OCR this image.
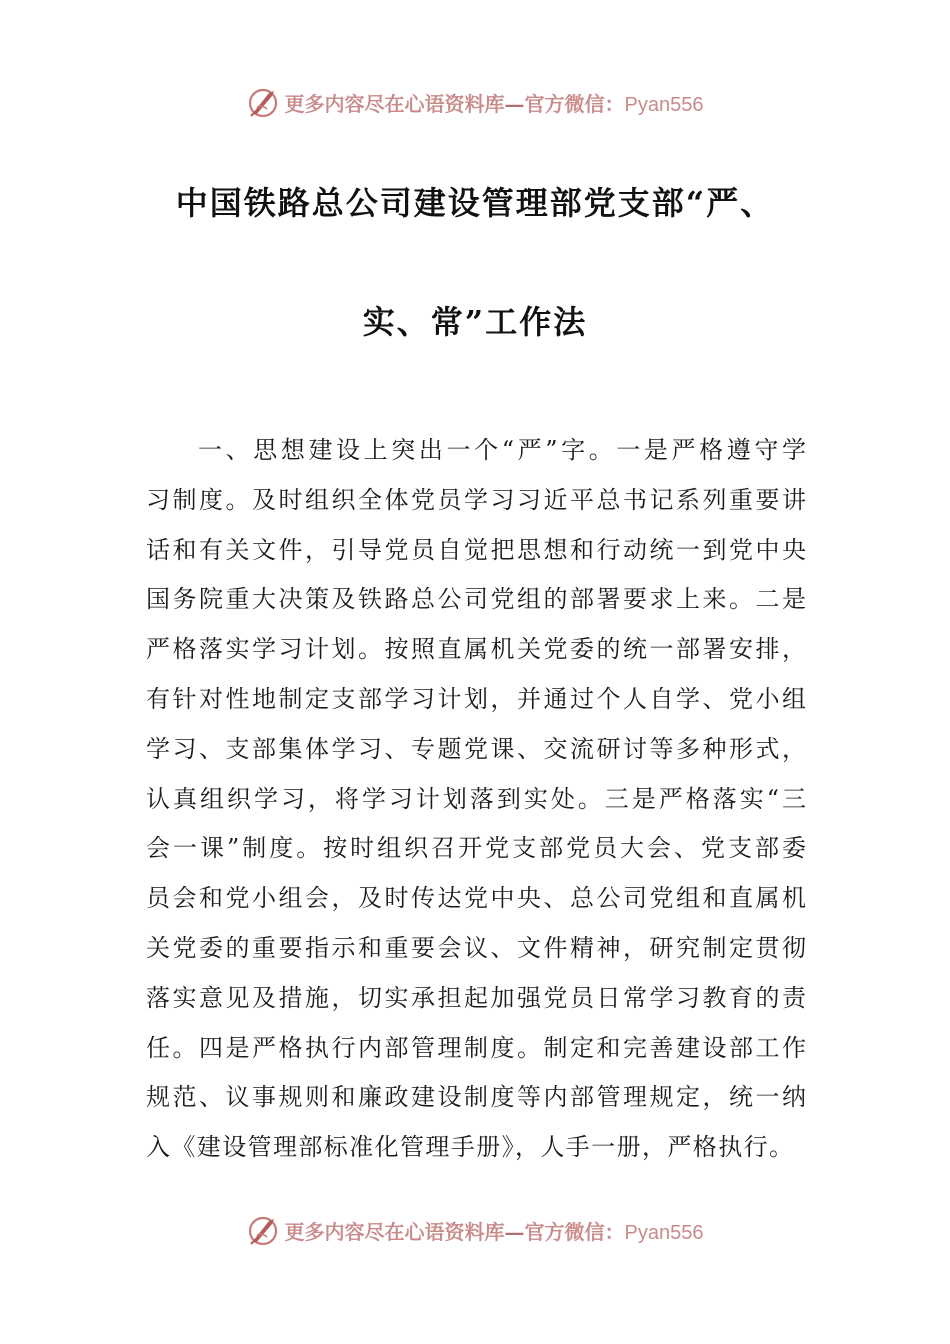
更多内容尽在心语资料库—官方微信：Pyan556
中国铁路总公司建设管理部党支部“严、
实、常”工作法
一、思想建设上突出一个“严”字。一是严格遵守学
习制度。及时组织全体党员学习习近平总书记系列重要讲
话和有关文件，引导党员自觉把思想和行动统一到党中央
国务院重大决策及铁路总公司党组的部署要求上来。二是
严格落实学习计划。按照直属机关党委的统一部署安排，
有针对性地制定支部学习计划，并通过个人自学、党小组
学习、支部集体学习、专题党课、交流研讨等多种形式，
认真组织学习，将学习计划落到实处。三是严格落实“三
会一课”制度。按时组织召开党支部党员大会、党支部委
员会和党小组会，及时传达党中央、总公司党组和直属机
关党委的重要指示和重要会议、文件精神，研究制定贯彻
落实意见及措施，切实承担起加强党员日常学习教育的责
任。四是严格执行内部管理制度。制定和完善建设部工作
规范、议事规则和廉政建设制度等内部管理规定，统一纳
入《建设管理部标准化管理手册》，人手一册，严格执行。
更多内容尽在心语资料库—官方微信：Pyan556
